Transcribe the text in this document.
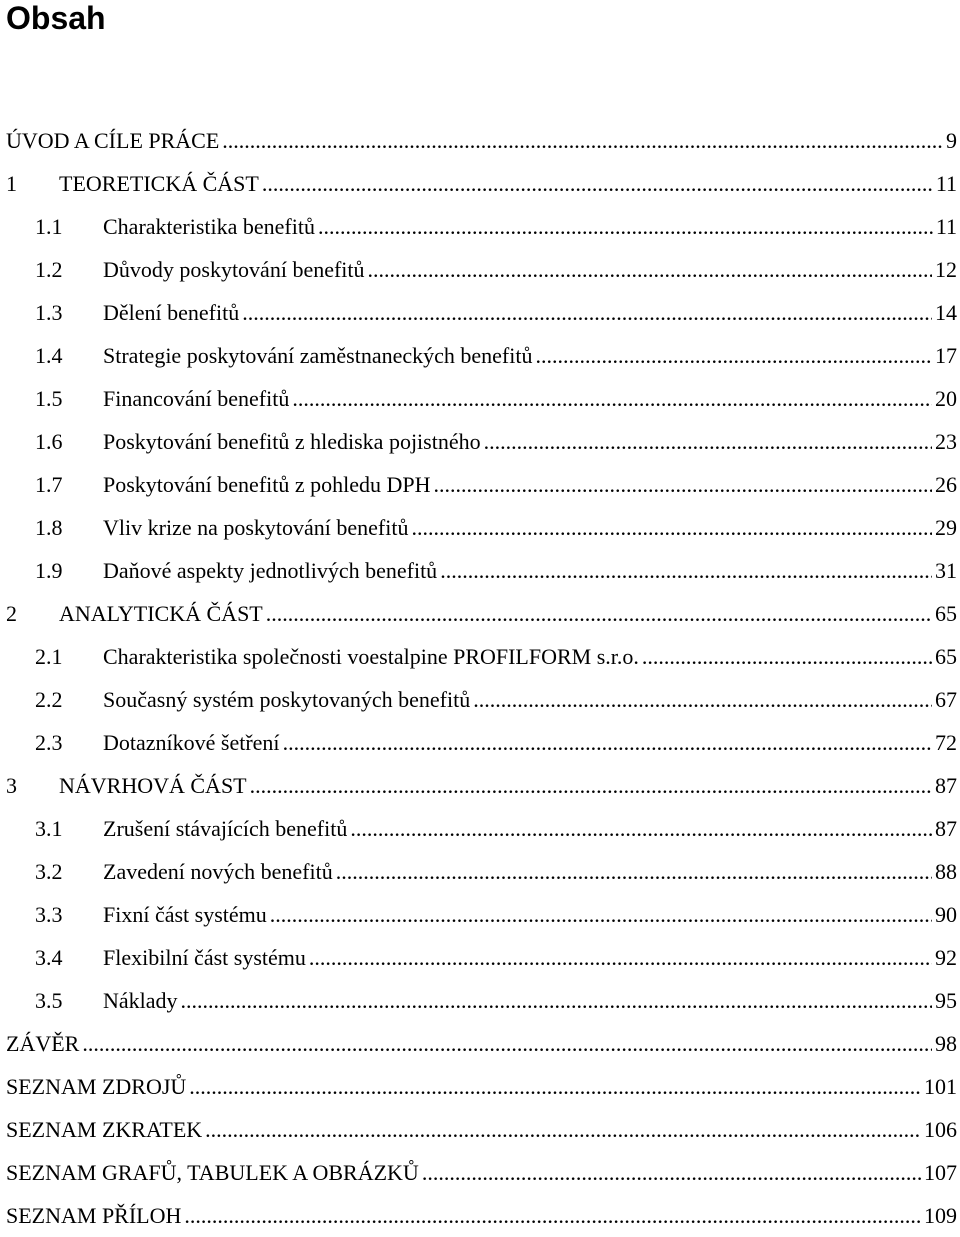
Obsah
ÚVOD A CÍLE PRÁCE .....	9
1	TEORETICKÁ ČÁST .....	11
1.1	Charakteristika benefitů .....	11
1.2	Důvody poskytování benefitů .....	12
1.3	Dělení benefitů .....	14
1.4	Strategie poskytování zaměstnaneckých benefitů .....	17
1.5	Financování benefitů .....	20
1.6	Poskytování benefitů z hlediska pojistného .....	23
1.7	Poskytování benefitů z pohledu DPH .....	26
1.8	Vliv krize na poskytování benefitů .....	29
1.9	Daňové aspekty jednotlivých benefitů .....	31
2	ANALYTICKÁ ČÁST .....	65
2.1	Charakteristika společnosti voestalpine PROFILFORM s.r.o. .....	65
2.2	Současný systém poskytovaných benefitů .....	67
2.3	Dotazníkové šetření .....	72
3	NÁVRHOVÁ ČÁST .....	87
3.1	Zrušení stávajících benefitů .....	87
3.2	Zavedení nových benefitů .....	88
3.3	Fixní část systému .....	90
3.4	Flexibilní část systému .....	92
3.5	Náklady .....	95
ZÁVĚR .....	98
SEZNAM ZDROJŮ .....	101
SEZNAM ZKRATEK .....	106
SEZNAM GRAFŮ, TABULEK A OBRÁZKŮ .....	107
SEZNAM PŘÍLOH .....	109
